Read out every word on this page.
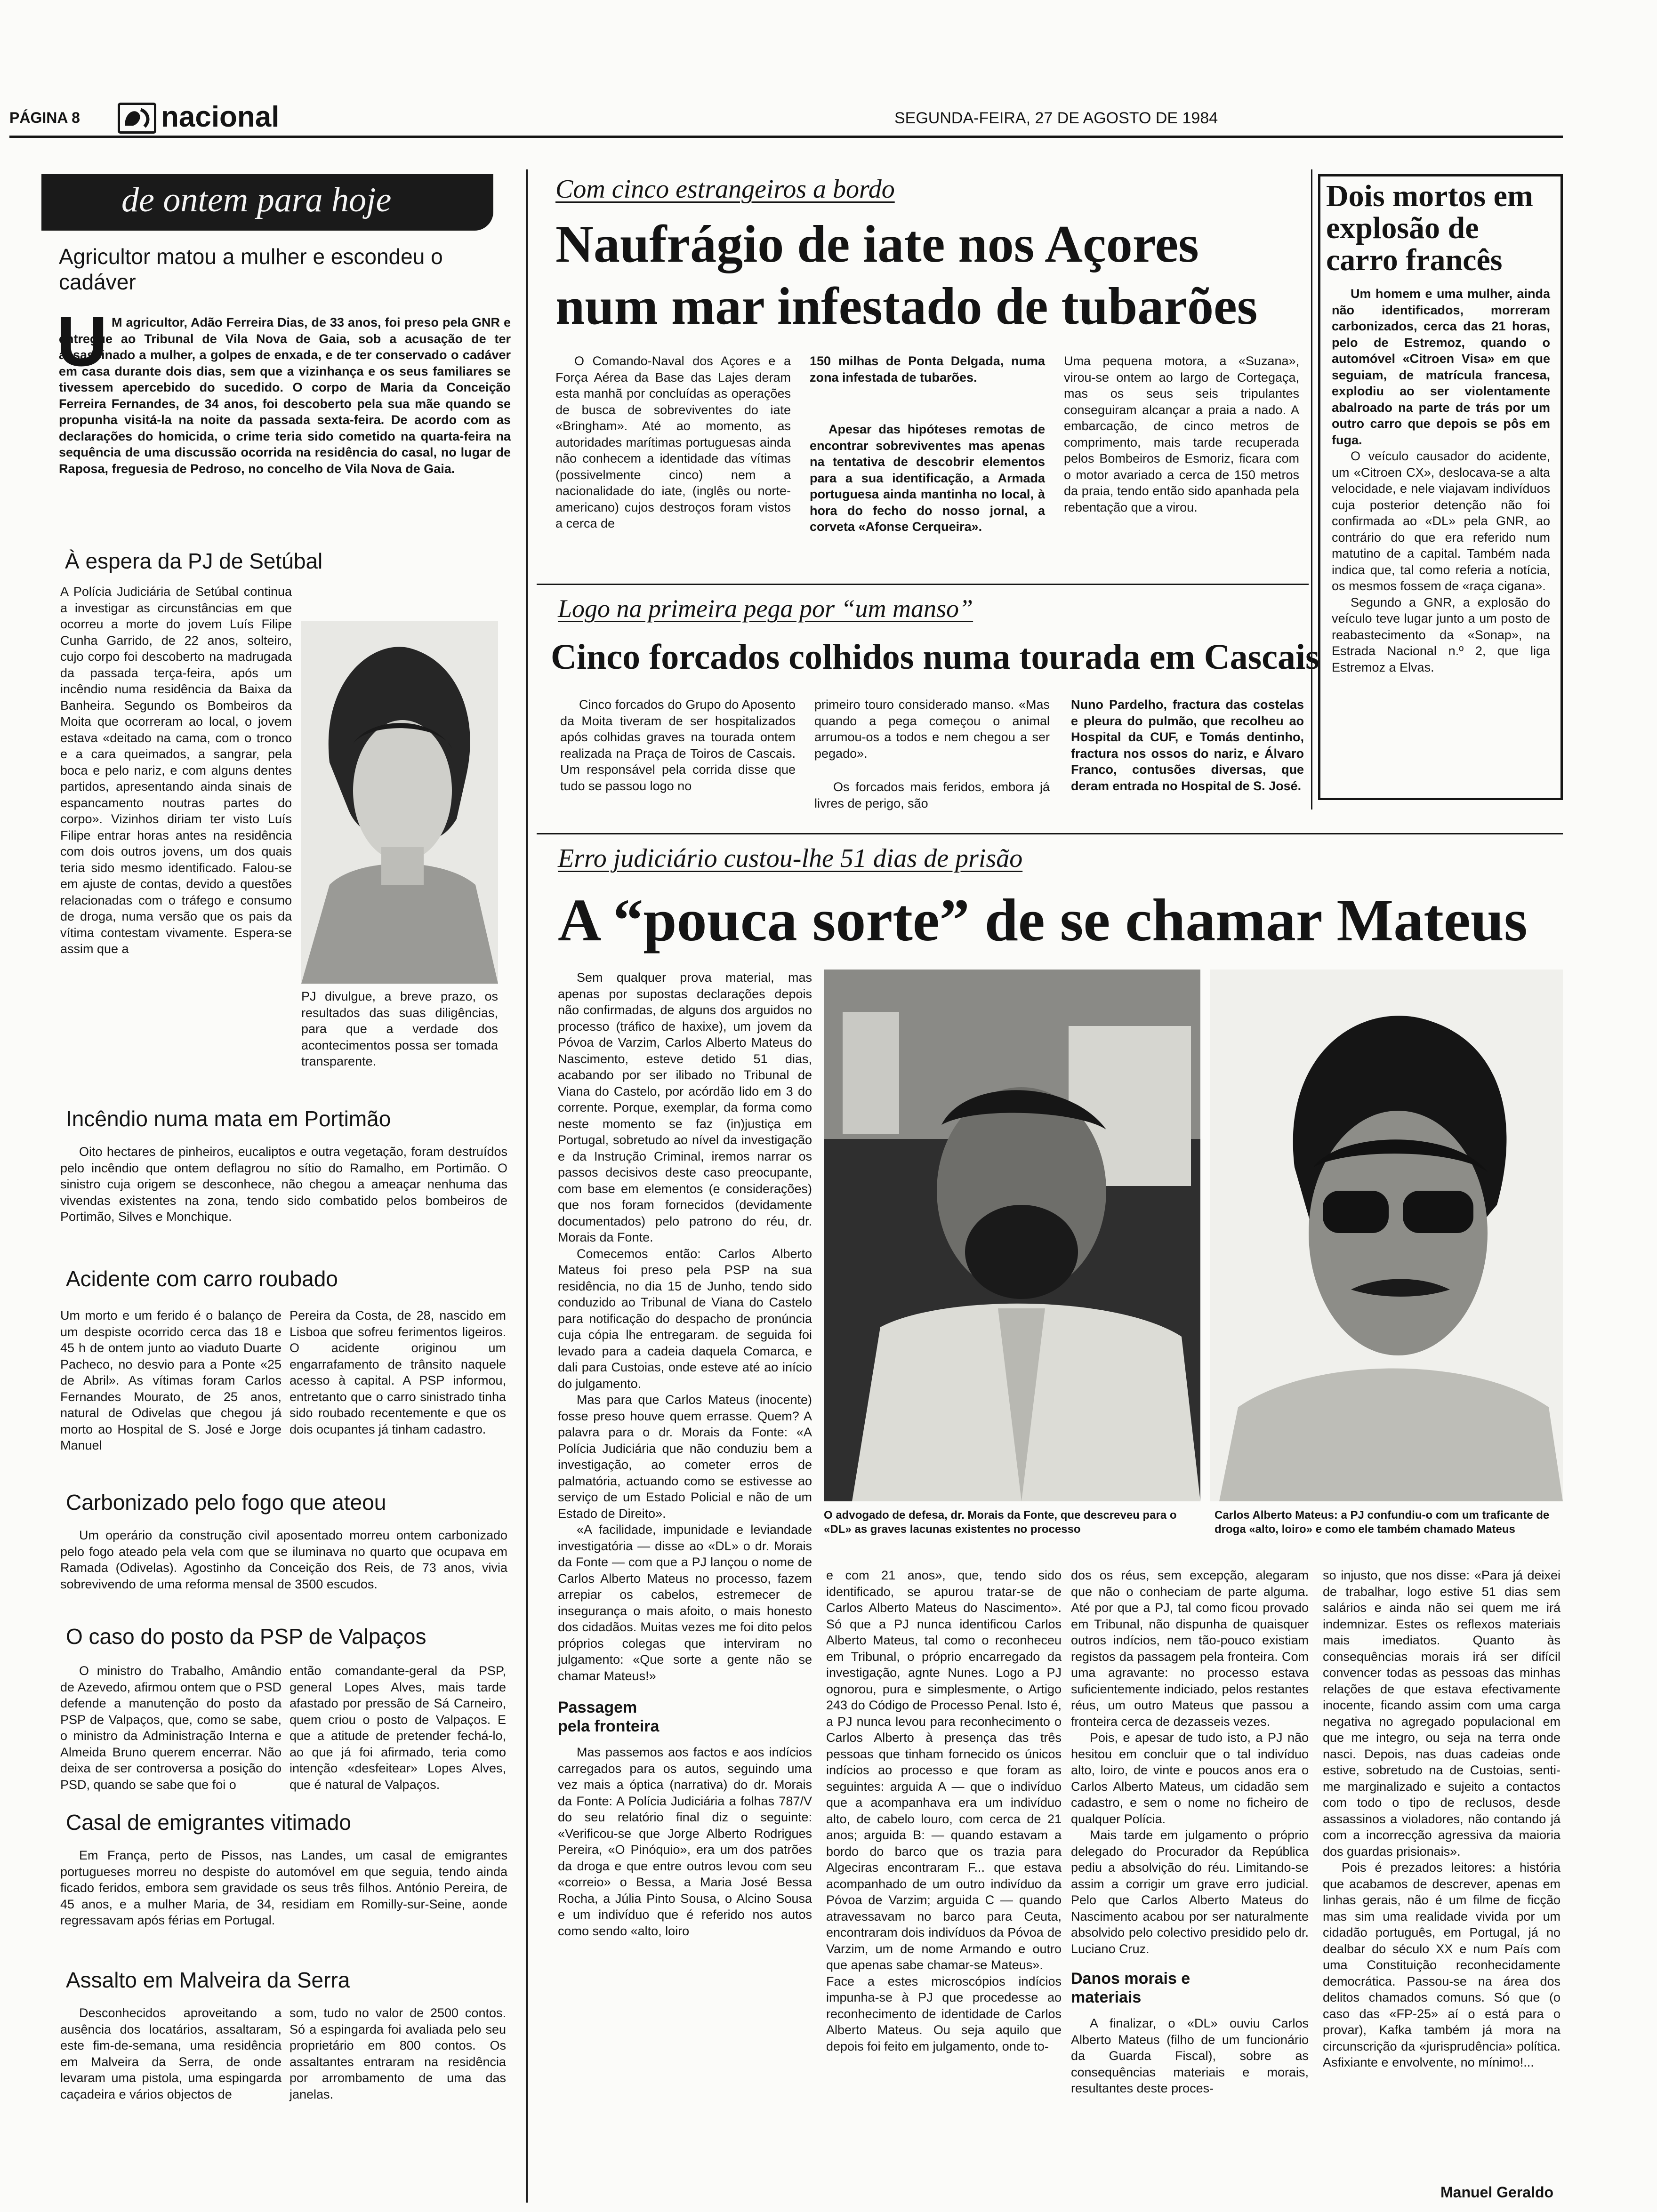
PÁGINA 8	nacional	SEGUNDA-FEIRA, 27 DE AGOSTO DE 1984
de ontem para hoje

Agricultor matou a mulher e escondeu o cadáver

U M agricultor, Adão Ferreira Dias, de 33 anos, foi preso pela GNR e entregue ao Tribunal de Vila Nova de Gaia, sob a acusação de ter assassinado a mulher, a golpes de enxada, e de ter conservado o cadáver em casa durante dois dias, sem que a vizinhança e os seus familiares se tivessem apercebido do sucedido. O corpo de Maria da Conceição Ferreira Fernandes, de 34 anos, foi descoberto pela sua mãe quando se propunha visitá-la na noite da passada sexta-feira. De acordo com as declarações do homicida, o crime teria sido cometido na quarta-feira na sequência de uma discussão ocorrida na residência do casal, no lugar de Raposa, freguesia de Pedroso, no concelho de Vila Nova de Gaia.

À espera da PJ de Setúbal

A Polícia Judiciária de Setúbal continua a investigar as circunstâncias em que ocorreu a morte do jovem Luís Filipe Cunha Garrido, de 22 anos, solteiro, cujo corpo foi descoberto na madrugada da passada terça-feira, após um incêndio numa residência da Baixa da Banheira. Segundo os Bombeiros da Moita que ocorreram ao local, o jovem estava «deitado na cama, com o tronco e a cara queimados, a sangrar, pela boca e pelo nariz, e com alguns dentes partidos, apresentando ainda sinais de espancamento noutras partes do corpo». Vizinhos diriam ter visto Luís Filipe entrar horas antes na residência com dois outros jovens, um dos quais teria sido mesmo identificado. Falou-se em ajuste de contas, devido a questões relacionadas com o tráfego e consumo de droga, numa versão que os pais da vítima contestam vivamente. Espera-se assim que a

PJ divulgue, a breve prazo, os resultados das suas diligências, para que a verdade dos acontecimentos possa ser tomada transparente.

Incêndio numa mata em Portimão

Oito hectares de pinheiros, eucaliptos e outra vegetação, foram destruídos pelo incêndio que ontem deflagrou no sítio do Ramalho, em Portimão. O sinistro cuja origem se desconhece, não chegou a ameaçar nenhuma das vivendas existentes na zona, tendo sido combatido pelos bombeiros de Portimão, Silves e Monchique.

Acidente com carro roubado

Um morto e um ferido é o balanço de um despiste ocorrido cerca das 18 e 45 h de ontem junto ao viaduto Duarte Pacheco, no desvio para a Ponte «25 de Abril». As vítimas foram Carlos Fernandes Mourato, de 25 anos, natural de Odivelas que chegou já morto ao Hospital de S. José e Jorge Manuel

Pereira da Costa, de 28, nascido em Lisboa que sofreu ferimentos ligeiros. O acidente originou um engarrafamento de trânsito naquele acesso à capital. A PSP informou, entretanto que o carro sinistrado tinha sido roubado recentemente e que os dois ocupantes já tinham cadastro.

Carbonizado pelo fogo que ateou

Um operário da construção civil aposentado morreu ontem carbonizado pelo fogo ateado pela vela com que se iluminava no quarto que ocupava em Ramada (Odivelas). Agostinho da Conceição dos Reis, de 73 anos, vivia sobrevivendo de uma reforma mensal de 3500 escudos.

O caso do posto da PSP de Valpaços

O ministro do Trabalho, Amândio de Azevedo, afirmou ontem que o PSD defende a manutenção do posto da PSP de Valpaços, que, como se sabe, o ministro da Administração Interna e Almeida Bruno querem encerrar. Não deixa de ser controversa a posição do PSD, quando se sabe que foi o

então comandante-geral da PSP, general Lopes Alves, mais tarde afastado por pressão de Sá Carneiro, quem criou o posto de Valpaços. E que a atitude de pretender fechá-lo, ao que já foi afirmado, teria como intenção «desfeitear» Lopes Alves, que é natural de Valpaços.

Casal de emigrantes vitimado

Em França, perto de Pissos, nas Landes, um casal de emigrantes portugueses morreu no despiste do automóvel em que seguia, tendo ainda ficado feridos, embora sem gravidade os seus três filhos. António Pereira, de 45 anos, e a mulher Maria, de 34, residiam em Romilly-sur-Seine, aonde regressavam após férias em Portugal.

Assalto em Malveira da Serra

Desconhecidos aproveitando a ausência dos locatários, assaltaram, este fim-de-semana, uma residência em Malveira da Serra, de onde levaram uma pistola, uma espingarda caçadeira e vários objectos de

som, tudo no valor de 2500 contos. Só a espingarda foi avaliada pelo seu proprietário em 800 contos. Os assaltantes entraram na residência por arrombamento de uma das janelas.

Com cinco estrangeiros a bordo

Naufrágio de iate nos Açores

num mar infestado de tubarões

O Comando-Naval dos Açores e a Força Aérea da Base das Lajes deram esta manhã por concluídas as operações de busca de sobreviventes do iate «Bringham». Até ao momento, as autoridades marítimas portuguesas ainda não conhecem a identidade das vítimas (possivelmente cinco) nem a nacionalidade do iate, (inglês ou norte-americano) cujos destroços foram vistos a cerca de

150 milhas de Ponta Delgada, numa zona infestada de tubarões.

Apesar das hipóteses remotas de encontrar sobreviventes mas apenas na tentativa de descobrir elementos para a sua identificação, a Armada portuguesa ainda mantinha no local, à hora do fecho do nosso jornal, a corveta «Afonse Cerqueira».

Uma pequena motora, a «Suzana», virou-se ontem ao largo de Cortegaça, mas os seus seis tripulantes conseguiram alcançar a praia a nado. A embarcação, de cinco metros de comprimento, mais tarde recuperada pelos Bombeiros de Esmoriz, ficara com o motor avariado a cerca de 150 metros da praia, tendo então sido apanhada pela rebentação que a virou.

Dois mortos em explosão de carro francês

Um homem e uma mulher, ainda não identificados, morreram carbonizados, cerca das 21 horas, pelo de Estremoz, quando o automóvel «Citroen Visa» em que seguiam, de matrícula francesa, explodiu ao ser violentamente abalroado na parte de trás por um outro carro que depois se pôs em fuga.

O veículo causador do acidente, um «Citroen CX», deslocava-se a alta velocidade, e nele viajavam indivíduos cuja posterior detenção não foi confirmada ao «DL» pela GNR, ao contrário do que era referido num matutino de a capital. Também nada indica que, tal como referia a notícia, os mesmos fossem de «raça cigana».

Segundo a GNR, a explosão do veículo teve lugar junto a um posto de reabastecimento da «Sonap», na Estrada Nacional n.º 2, que liga Estremoz a Elvas.

Logo na primeira pega por “um manso”

Cinco forcados colhidos numa tourada em Cascais

Cinco forcados do Grupo do Aposento da Moita tiveram de ser hospitalizados após colhidas graves na tourada ontem realizada na Praça de Toiros de Cascais. Um responsável pela corrida disse que tudo se passou logo no

primeiro touro considerado manso. «Mas quando a pega começou o animal arrumou-os a todos e nem chegou a ser pegado».

Os forcados mais feridos, embora já livres de perigo, são

Nuno Pardelho, fractura das costelas e pleura do pulmão, que recolheu ao Hospital da CUF, e Tomás dentinho, fractura nos ossos do nariz, e Álvaro Franco, contusões diversas, que deram entrada no Hospital de S. José.

Erro judiciário custou-lhe 51 dias de prisão

A “pouca sorte” de se chamar Mateus

O advogado de defesa, dr. Morais da Fonte, que descreveu para o «DL» as graves lacunas existentes no processo

Carlos Alberto Mateus: a PJ confundiu-o com um traficante de droga «alto, loiro» e como ele também chamado Mateus

Sem qualquer prova material, mas apenas por supostas declarações depois não confirmadas, de alguns dos arguidos no processo (tráfico de haxixe), um jovem da Póvoa de Varzim, Carlos Alberto Mateus do Nascimento, esteve detido 51 dias, acabando por ser ilibado no Tribunal de Viana do Castelo, por acórdão lido em 3 do corrente. Porque, exemplar, da forma como neste momento se faz (in)justiça em Portugal, sobretudo ao nível da investigação e da Instrução Criminal, iremos narrar os passos decisivos deste caso preocupante, com base em elementos (e considerações) que nos foram fornecidos (devidamente documentados) pelo patrono do réu, dr. Morais da Fonte.

Comecemos então: Carlos Alberto Mateus foi preso pela PSP na sua residência, no dia 15 de Junho, tendo sido conduzido ao Tribunal de Viana do Castelo para notificação do despacho de pronúncia cuja cópia lhe entregaram. de seguida foi levado para a cadeia daquela Comarca, e dali para Custoias, onde esteve até ao início do julgamento.

Mas para que Carlos Mateus (inocente) fosse preso houve quem errasse. Quem? A palavra para o dr. Morais da Fonte: «A Polícia Judiciária que não conduziu bem a investigação, ao cometer erros de palmatória, actuando como se estivesse ao serviço de um Estado Policial e não de um Estado de Direito».

«A facilidade, impunidade e leviandade investigatória — disse ao «DL» o dr. Morais da Fonte — com que a PJ lançou o nome de Carlos Alberto Mateus no processo, fazem arrepiar os cabelos, estremecer de insegurança o mais afoito, o mais honesto dos cidadãos. Muitas vezes me foi dito pelos próprios colegas que interviram no julgamento: «Que sorte a gente não se chamar Mateus!»

Passagem pela fronteira

Mas passemos aos factos e aos indícios carregados para os autos, seguindo uma vez mais a óptica (narrativa) do dr. Morais da Fonte: A Polícia Judiciária a folhas 787/V do seu relatório final diz o seguinte: «Verificou-se que Jorge Alberto Rodrigues Pereira, «O Pinóquio», era um dos patrões da droga e que entre outros levou com seu «correio» o Bessa, a Maria José Bessa Rocha, a Júlia Pinto Sousa, o Alcino Sousa e um indivíduo que é referido nos autos como sendo «alto, loiro

e com 21 anos», que, tendo sido identificado, se apurou tratar-se de Carlos Alberto Mateus do Nascimento». Só que a PJ nunca identificou Carlos Alberto Mateus, tal como o reconheceu em Tribunal, o próprio encarregado da investigação, agnte Nunes. Logo a PJ ognorou, pura e simplesmente, o Artigo 243 do Código de Processo Penal. Isto é, a PJ nunca levou para reconhecimento o Carlos Alberto à presença das três pessoas que tinham fornecido os únicos indícios ao processo e que foram as seguintes: arguida A — que o indivíduo que a acompanhava era um indivíduo alto, de cabelo louro, com cerca de 21 anos; arguida B: — quando estavam a bordo do barco que os trazia para Algeciras encontraram F... que estava acompanhado de um outro indivíduo da Póvoa de Varzim; arguida C — quando atravessavam no barco para Ceuta, encontraram dois indivíduos da Póvoa de Varzim, um de nome Armando e outro que apenas sabe chamar-se Mateus».
Face a estes microscópios indícios impunha-se à PJ que procedesse ao reconhecimento de identidade de Carlos Alberto Mateus. Ou seja aquilo que depois foi feito em julgamento, onde to-

dos os réus, sem excepção, alegaram que não o conheciam de parte alguma. Até por que a PJ, tal como ficou provado em Tribunal, não dispunha de quaisquer outros indícios, nem tão-pouco existiam registos da passagem pela fronteira. Com uma agravante: no processo estava suficientemente indiciado, pelos restantes réus, um outro Mateus que passou a fronteira cerca de dezasseis vezes.

Pois, e apesar de tudo isto, a PJ não hesitou em concluir que o tal indivíduo alto, loiro, de vinte e poucos anos era o Carlos Alberto Mateus, um cidadão sem cadastro, e sem o nome no ficheiro de qualquer Polícia.

Mais tarde em julgamento o próprio delegado do Procurador da República pediu a absolvição do réu. Limitando-se assim a corrigir um grave erro judicial. Pelo que Carlos Alberto Mateus do Nascimento acabou por ser naturalmente absolvido pelo colectivo presidido pelo dr. Luciano Cruz.

Danos morais e materiais

A finalizar, o «DL» ouviu Carlos Alberto Mateus (filho de um funcionário da Guarda Fiscal), sobre as consequências materiais e morais, resultantes deste proces-

so injusto, que nos disse: «Para já deixei de trabalhar, logo estive 51 dias sem salários e ainda não sei quem me irá indemnizar. Estes os reflexos materiais mais imediatos. Quanto às consequências morais irá ser difícil convencer todas as pessoas das minhas relações de que estava efectivamente inocente, ficando assim com uma carga negativa no agregado populacional em que me integro, ou seja na terra onde nasci. Depois, nas duas cadeias onde estive, sobretudo na de Custoias, senti-me marginalizado e sujeito a contactos com todo o tipo de reclusos, desde assassinos a violadores, não contando já com a incorrecção agressiva da maioria dos guardas prisionais».

Pois é prezados leitores: a história que acabamos de descrever, apenas em linhas gerais, não é um filme de ficção mas sim uma realidade vivida por um cidadão português, em Portugal, já no dealbar do século XX e num País com uma Constituição reconhecidamente democrática. Passou-se na área dos delitos chamados comuns. Só que (o caso das «FP-25» aí o está para o provar), Kafka também já mora na circunscrição da «jurisprudência» política. Asfixiante e envolvente, no mínimo!...

Manuel Geraldo
